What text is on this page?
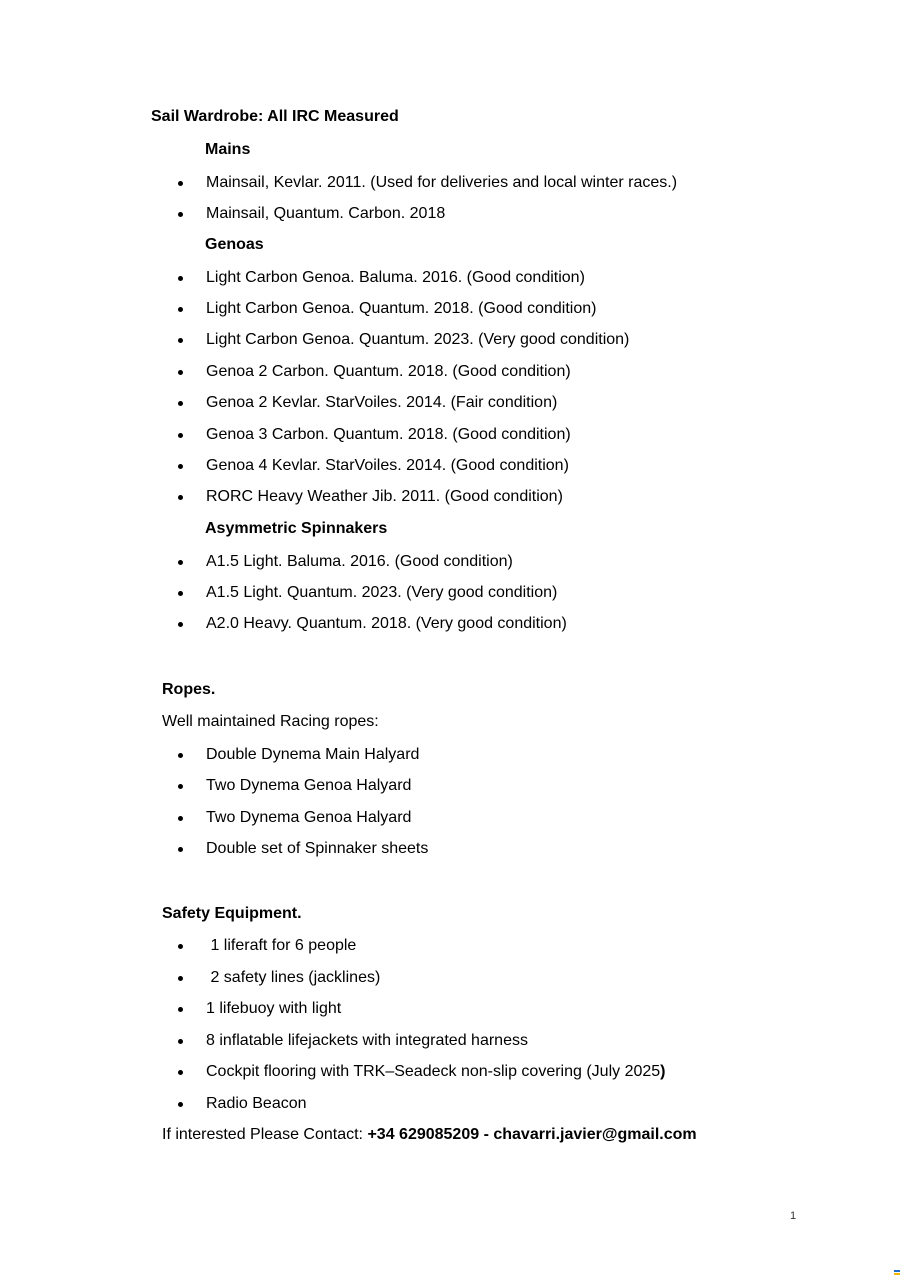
Sail Wardrobe: All IRC Measured
Mains
Mainsail, Kevlar. 2011. (Used for deliveries and local winter races.)
Mainsail, Quantum. Carbon. 2018
Genoas
Light Carbon Genoa. Baluma. 2016. (Good condition)
Light Carbon Genoa. Quantum. 2018. (Good condition)
Light Carbon Genoa. Quantum. 2023. (Very good condition)
Genoa 2 Carbon. Quantum. 2018. (Good condition)
Genoa 2 Kevlar. StarVoiles. 2014. (Fair condition)
Genoa 3 Carbon. Quantum. 2018. (Good condition)
Genoa 4 Kevlar. StarVoiles. 2014. (Good condition)
RORC Heavy Weather Jib. 2011. (Good condition)
Asymmetric Spinnakers
A1.5 Light. Baluma. 2016. (Good condition)
A1.5 Light. Quantum. 2023. (Very good condition)
A2.0 Heavy. Quantum. 2018. (Very good condition)
Ropes.
Well maintained Racing ropes:
Double Dynema Main Halyard
Two Dynema Genoa Halyard
Two Dynema Genoa Halyard
Double set of Spinnaker sheets
Safety Equipment.
1 liferaft for 6 people
2 safety lines (jacklines)
1 lifebuoy with light
8 inflatable lifejackets with integrated harness
Cockpit flooring with TRK–Seadeck non-slip covering (July 2025)
Radio Beacon
If interested Please Contact: +34 629085209 - chavarri.javier@gmail.com
1
